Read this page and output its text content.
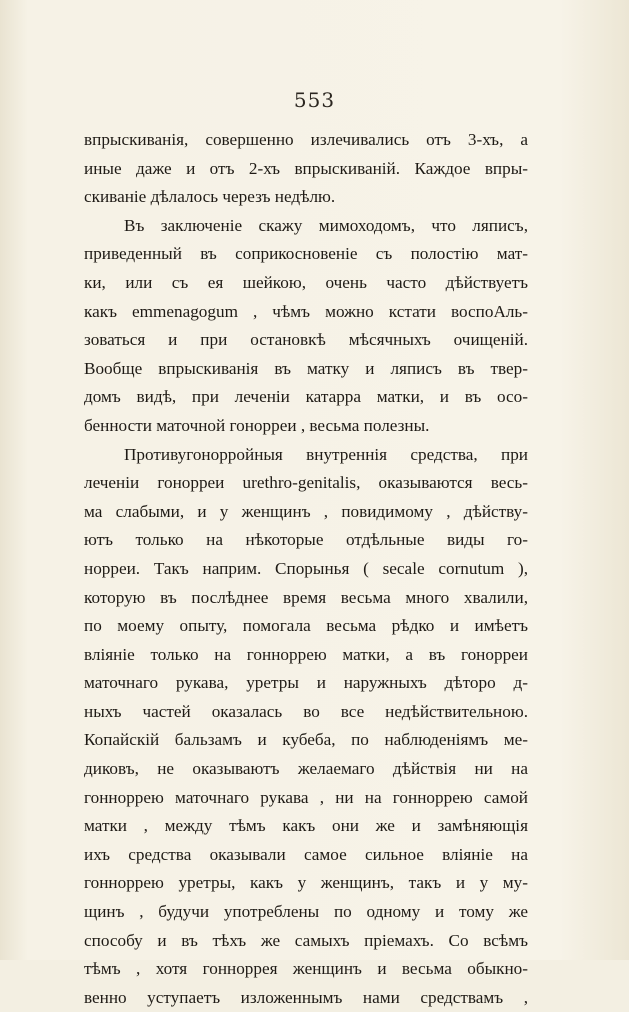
553
впрыскиванія, совершенно излечивались отъ 3-хъ, а
иные даже и отъ 2-хъ впрыскиваній. Каждое впры-
скиваніе дѣлалось черезъ недѣлю.
Въ заключеніе скажу мимоходомъ, что ляписъ,
приведенный въ соприкосновеніе съ полостію мат-
ки, или съ ея шейкою, очень часто дѣйствуетъ
какъ emmenagogum , чѣмъ можно кстати воспоAль-
зоваться и при остановкѣ мѣсячныхъ очищеній.
Вообще впрыскиванія въ матку и ляписъ въ твер-
домъ видѣ, при леченіи катарра матки, и въ осо-
бенности маточной гонорреи , весьма полезны.
Противугонорройныя внутреннія средства, при
леченіи гонорреи urethro-genitalis, оказываются весь-
ма слабыми, и у женщинъ , повидимому , дѣйству-
ютъ только на нѣкоторые отдѣльные виды го-
норреи. Такъ наприм. Спорынья ( secale cornutum ),
которую въ послѣднее время весьма много хвалили,
по моему опыту, помогала весьма рѣдко и имѣетъ
вліяніе только на гонноррею матки, а въ гонорреи
маточнаго рукава, уретры и наружныхъ дѣторо д-
ныхъ частей оказалась во все недѣйствительною.
Копайскій бальзамъ и кубеба, по наблюденіямъ ме-
диковъ, не оказываютъ желаемаго дѣйствія ни на
гонноррею маточнаго рукава , ни на гонноррею самой
матки , между тѣмъ какъ они же и замѣняющія
ихъ средства оказывали самое сильное вліяніе на
гонноррею уретры, какъ у женщинъ, такъ и у му-
щинъ , будучи употреблены по одному и тому же
способу и въ тѣхъ же самыхъ пріемахъ. Со всѣмъ
тѣмъ , хотя гонноррея женщинъ и весьма обыкно-
венно уступаетъ изложеннымъ нами средствамъ ,
